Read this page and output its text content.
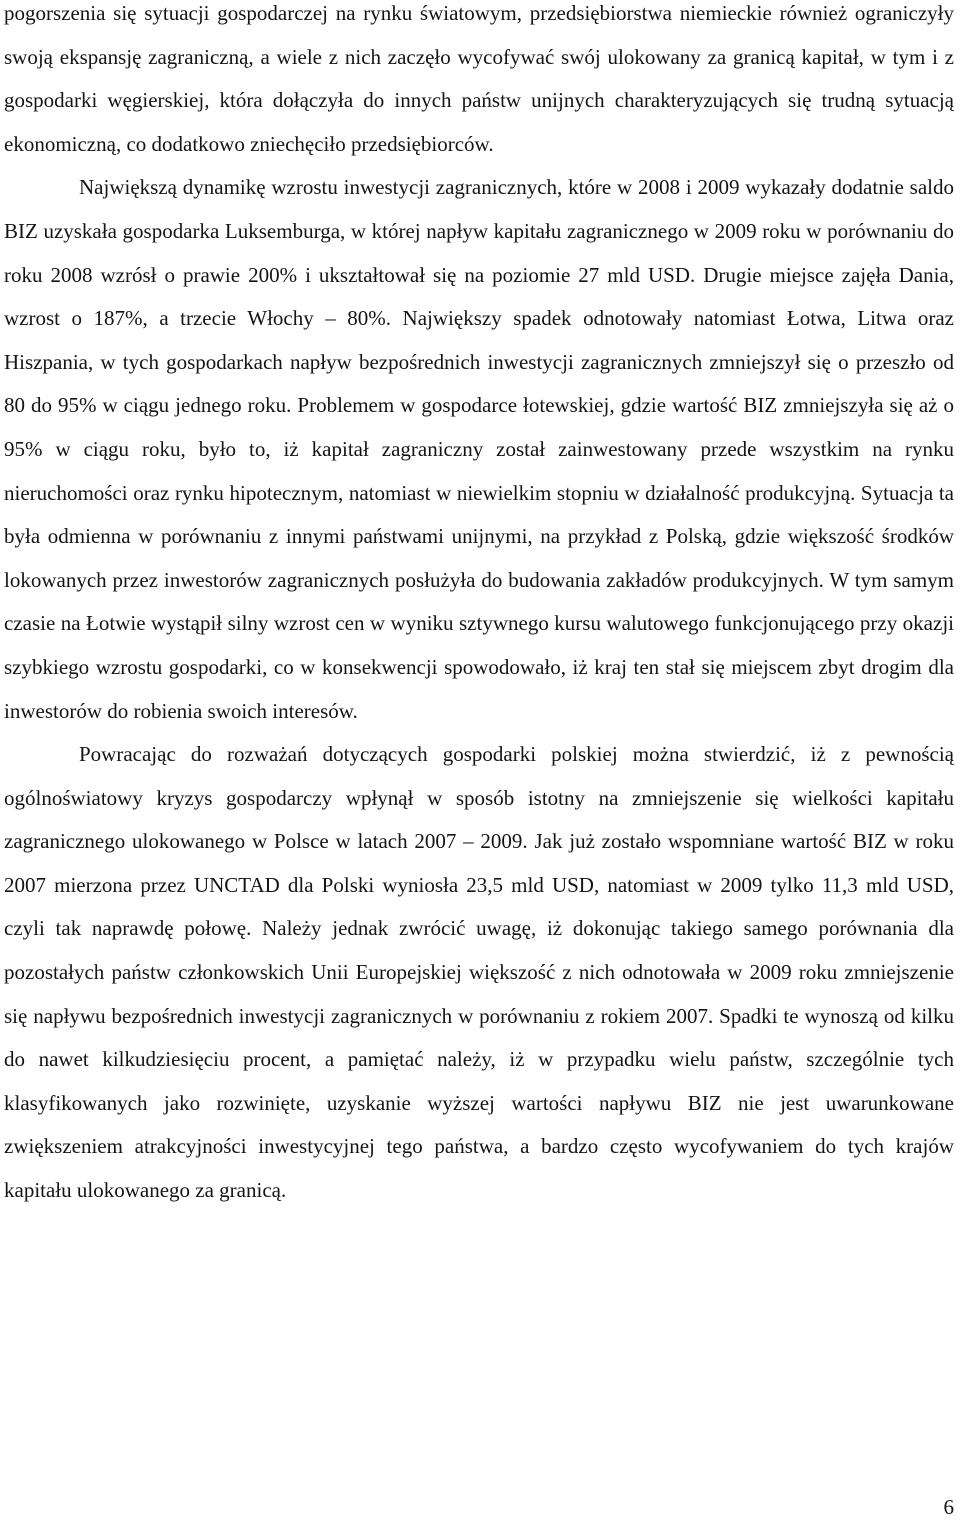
pogorszenia się sytuacji gospodarczej na rynku światowym, przedsiębiorstwa niemieckie również ograniczyły swoją ekspansję zagraniczną, a wiele z nich zaczęło wycofywać swój ulokowany za granicą kapitał, w tym i z gospodarki węgierskiej, która dołączyła do innych państw unijnych charakteryzujących się trudną sytuacją ekonomiczną, co dodatkowo zniechęciło przedsiębiorców.

Największą dynamikę wzrostu inwestycji zagranicznych, które w 2008 i 2009 wykazały dodatnie saldo BIZ uzyskała gospodarka Luksemburga, w której napływ kapitału zagranicznego w 2009 roku w porównaniu do roku 2008 wzrósł o prawie 200% i ukształtował się na poziomie 27 mld USD. Drugie miejsce zajęła Dania, wzrost o 187%, a trzecie Włochy – 80%. Największy spadek odnotowały natomiast Łotwa, Litwa oraz Hiszpania, w tych gospodarkach napływ bezpośrednich inwestycji zagranicznych zmniejszył się o przeszło od 80 do 95% w ciągu jednego roku. Problemem w gospodarce łotewskiej, gdzie wartość BIZ zmniejszyła się aż o 95% w ciągu roku, było to, iż kapitał zagraniczny został zainwestowany przede wszystkim na rynku nieruchomości oraz rynku hipotecznym, natomiast w niewielkim stopniu w działalność produkcyjną. Sytuacja ta była odmienna w porównaniu z innymi państwami unijnymi, na przykład z Polską, gdzie większość środków lokowanych przez inwestorów zagranicznych posłużyła do budowania zakładów produkcyjnych. W tym samym czasie na Łotwie wystąpił silny wzrost cen w wyniku sztywnego kursu walutowego funkcjonującego przy okazji szybkiego wzrostu gospodarki, co w konsekwencji spowodowało, iż kraj ten stał się miejscem zbyt drogim dla inwestorów do robienia swoich interesów.

Powracając do rozważań dotyczących gospodarki polskiej można stwierdzić, iż z pewnością ogólnoświatowy kryzys gospodarczy wpłynął w sposób istotny na zmniejszenie się wielkości kapitału zagranicznego ulokowanego w Polsce w latach 2007 – 2009. Jak już zostało wspomniane wartość BIZ w roku 2007 mierzona przez UNCTAD dla Polski wyniosła 23,5 mld USD, natomiast w 2009 tylko 11,3 mld USD, czyli tak naprawdę połowę. Należy jednak zwrócić uwagę, iż dokonując takiego samego porównania dla pozostałych państw członkowskich Unii Europejskiej większość z nich odnotowała w 2009 roku zmniejszenie się napływu bezpośrednich inwestycji zagranicznych w porównaniu z rokiem 2007. Spadki te wynoszą od kilku do nawet kilkudziesięciu procent, a pamiętać należy, iż w przypadku wielu państw, szczególnie tych klasyfikowanych jako rozwinięte, uzyskanie wyższej wartości napływu BIZ nie jest uwarunkowane zwiększeniem atrakcyjności inwestycyjnej tego państwa, a bardzo często wycofywaniem do tych krajów kapitału ulokowanego za granicą.

6
